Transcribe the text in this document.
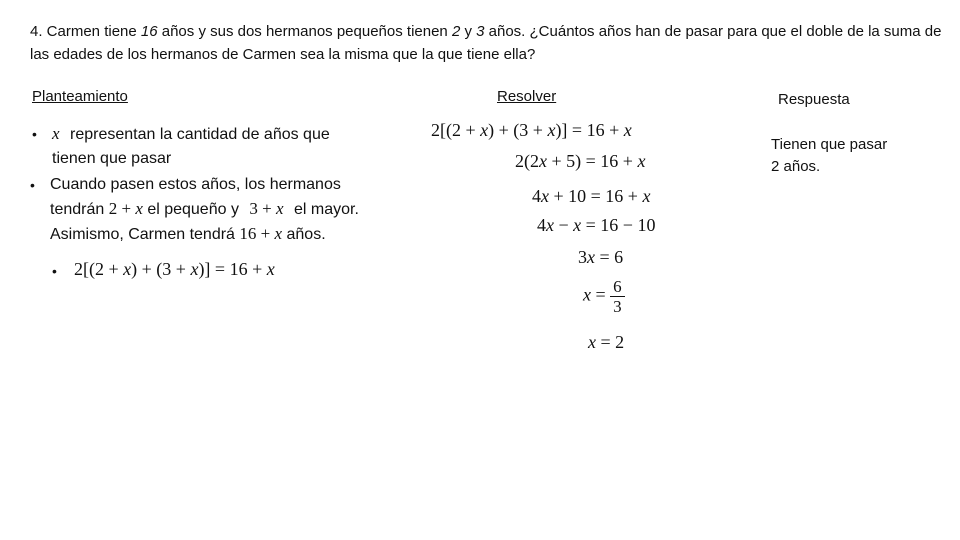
4. Carmen tiene 16 años y sus dos hermanos pequeños tienen 2 y 3 años. ¿Cuántos años han de pasar para que el doble de la suma de las edades de los hermanos de Carmen sea la misma que la que tiene ella?
Planteamiento	Resolver	Respuesta
• x representan la cantidad de años que
tienen que pasar
• Cuando pasen estos años, los hermanos
tendrán 2 + x el pequeño y 3 + x el mayor.
Asimismo, Carmen tendrá 16 + x años.
• 2[(2 + x) + (3 + x)] = 16 + x
2[(2 + x) + (3 + x)] = 16 + x
2(2x + 5) = 16 + x
4x + 10 = 16 + x
4x − x = 16 − 10
3x = 6
$x = \frac{6}{3}$
x = 2
Tienen que pasar
2 años.
